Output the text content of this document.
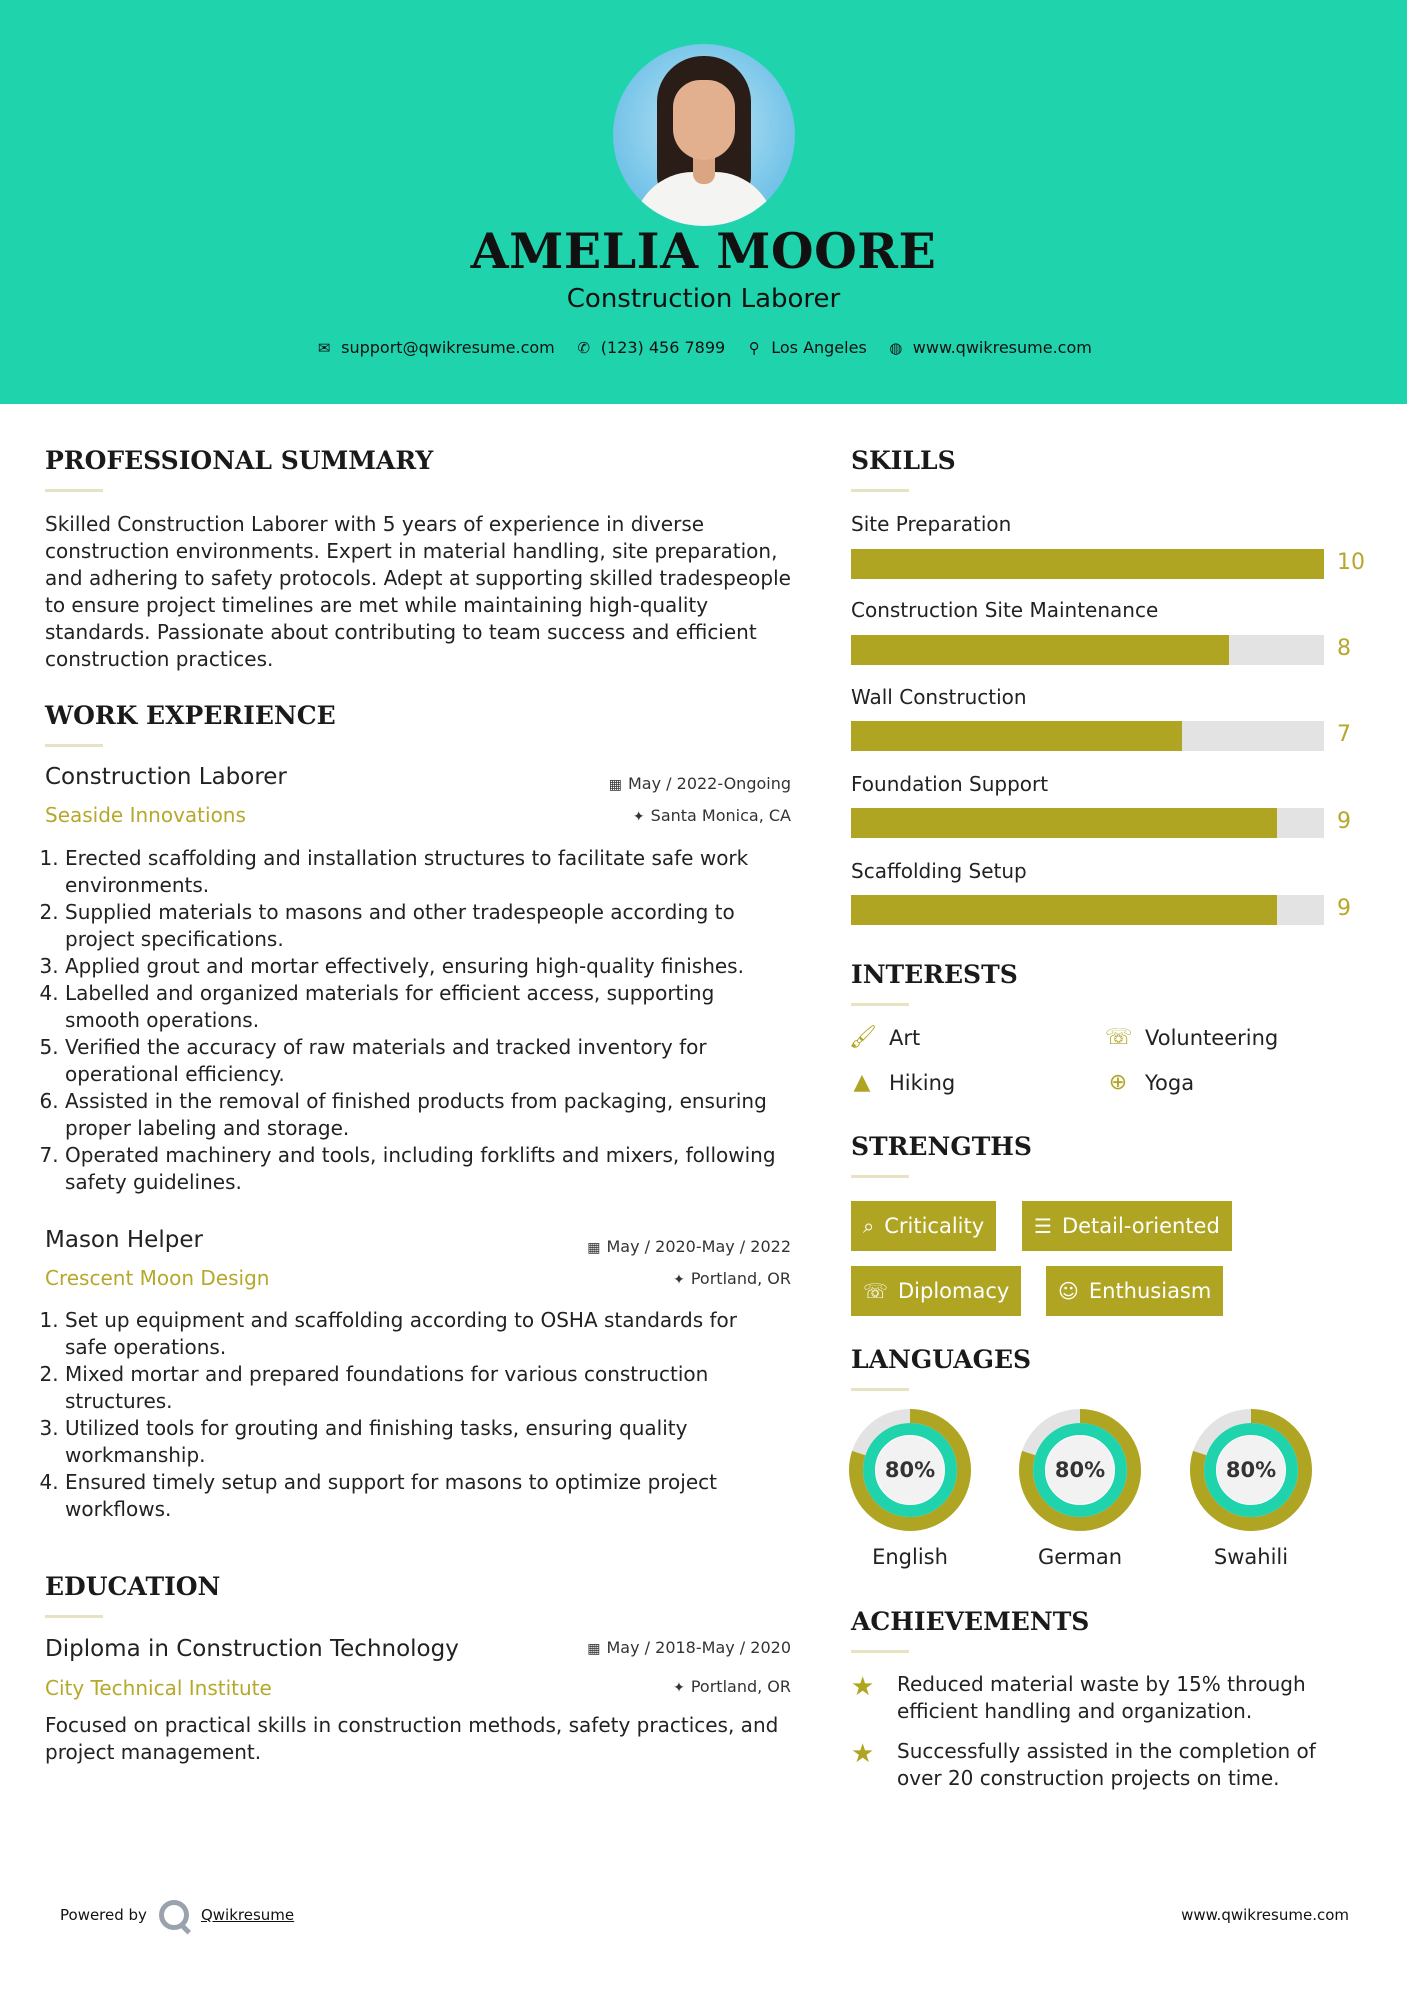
AMELIA MOORE
Construction Laborer
✉ support@qwikresume.com ✆ (123) 456 7899 ⚲ Los Angeles ◍ www.qwikresume.com
PROFESSIONAL SUMMARY
Skilled Construction Laborer with 5 years of experience in diverse construction environments. Expert in material handling, site preparation, and adhering to safety protocols. Adept at supporting skilled tradespeople to ensure project timelines are met while maintaining high-quality standards. Passionate about contributing to team success and efficient construction practices.
WORK EXPERIENCE
Construction Laborer
Seaside Innovations
▦ May / 2022-Ongoing
✦ Santa Monica, CA
1. Erected scaffolding and installation structures to facilitate safe work environments.
2. Supplied materials to masons and other tradespeople according to project specifications.
3. Applied grout and mortar effectively, ensuring high-quality finishes.
4. Labelled and organized materials for efficient access, supporting smooth operations.
5. Verified the accuracy of raw materials and tracked inventory for operational efficiency.
6. Assisted in the removal of finished products from packaging, ensuring proper labeling and storage.
7. Operated machinery and tools, including forklifts and mixers, following safety guidelines.
Mason Helper
Crescent Moon Design
▦ May / 2020-May / 2022
✦ Portland, OR
1. Set up equipment and scaffolding according to OSHA standards for safe operations.
2. Mixed mortar and prepared foundations for various construction structures.
3. Utilized tools for grouting and finishing tasks, ensuring quality workmanship.
4. Ensured timely setup and support for masons to optimize project workflows.
EDUCATION
Diploma in Construction Technology
City Technical Institute
▦ May / 2018-May / 2020
✦ Portland, OR
Focused on practical skills in construction methods, safety practices, and project management.
SKILLS
Site Preparation
10
Construction Site Maintenance
8
Wall Construction
7
Foundation Support
9
Scaffolding Setup
9
INTERESTS
🖌 Art	☏ Volunteering
▲ Hiking	⊕ Yoga
STRENGTHS
⌕ Criticality ☰ Detail-oriented
☏ Diplomacy ☺ Enthusiasm
LANGUAGES
80%	80%	80%
English	German	Swahili
ACHIEVEMENTS
★	Reduced material waste by 15% through efficient handling and organization.
★	Successfully assisted in the completion of over 20 construction projects on time.
Powered by	Qwikresume	www.qwikresume.com
